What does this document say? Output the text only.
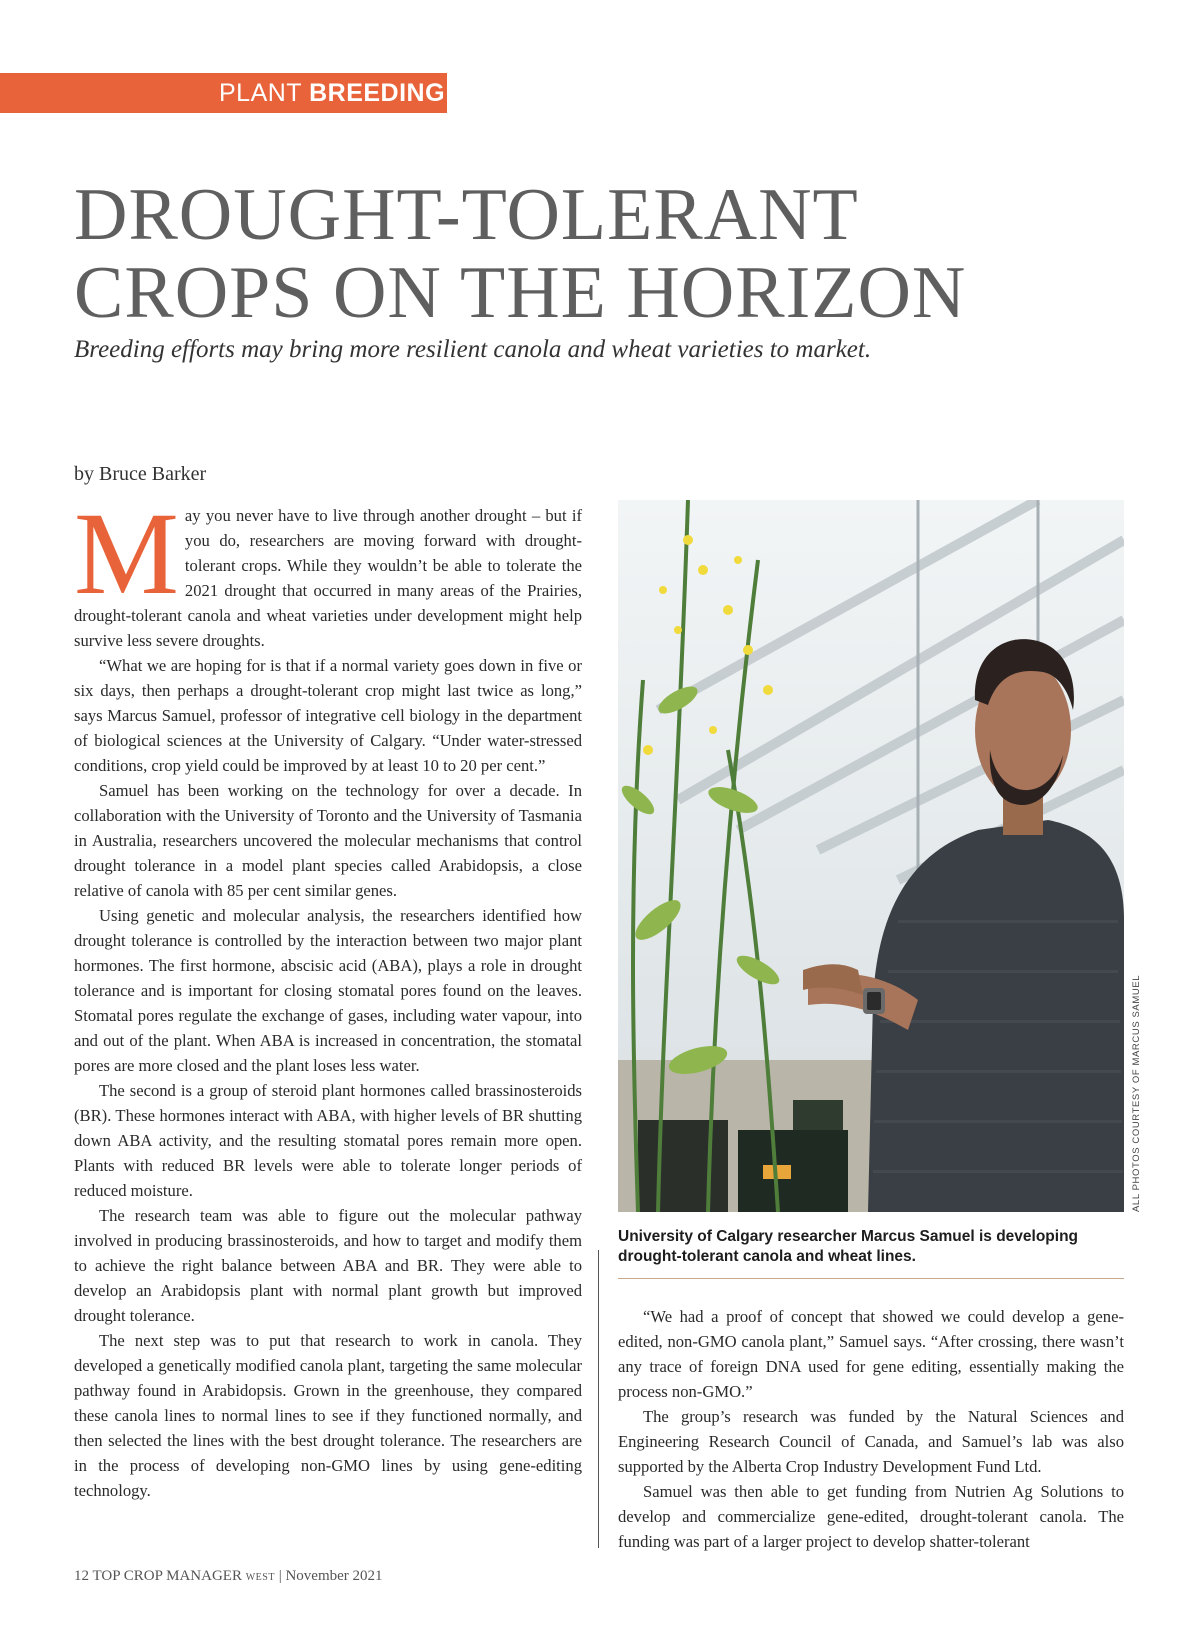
PLANT BREEDING
DROUGHT-TOLERANT
CROPS ON THE HORIZON
Breeding efforts may bring more resilient canola and wheat varieties to market.
by Bruce Barker
M ay you never have to live through another drought – but if you do, researchers are moving forward with drought-tolerant crops. While they wouldn’t be able to tolerate the 2021 drought that occurred in many areas of the Prairies, drought-tolerant canola and wheat varieties under development might help survive less severe droughts.

“What we are hoping for is that if a normal variety goes down in five or six days, then perhaps a drought-tolerant crop might last twice as long,” says Marcus Samuel, professor of integrative cell biology in the department of biological sciences at the University of Calgary. “Under water-stressed conditions, crop yield could be improved by at least 10 to 20 per cent.”

Samuel has been working on the technology for over a decade. In collaboration with the University of Toronto and the University of Tasmania in Australia, researchers uncovered the molecular mechanisms that control drought tolerance in a model plant species called Arabidopsis, a close relative of canola with 85 per cent similar genes.

Using genetic and molecular analysis, the researchers identified how drought tolerance is controlled by the interaction between two major plant hormones. The first hormone, abscisic acid (ABA), plays a role in drought tolerance and is important for closing stomatal pores found on the leaves. Stomatal pores regulate the exchange of gases, including water vapour, into and out of the plant. When ABA is increased in concentration, the stomatal pores are more closed and the plant loses less water.

The second is a group of steroid plant hormones called brassinosteroids (BR). These hormones interact with ABA, with higher levels of BR shutting down ABA activity, and the resulting stomatal pores remain more open. Plants with reduced BR levels were able to tolerate longer periods of reduced moisture.

The research team was able to figure out the molecular pathway involved in producing brassinosteroids, and how to target and modify them to achieve the right balance between ABA and BR. They were able to develop an Arabidopsis plant with normal plant growth but improved drought tolerance.

The next step was to put that research to work in canola. They developed a genetically modified canola plant, targeting the same molecular pathway found in Arabidopsis. Grown in the greenhouse, they compared these canola lines to normal lines to see if they functioned normally, and then selected the lines with the best drought tolerance. The researchers are in the process of developing non-GMO lines by using gene-editing technology.

ALL PHOTOS COURTESY OF MARCUS SAMUEL
University of Calgary researcher Marcus Samuel is developing drought-tolerant canola and wheat lines.

“We had a proof of concept that showed we could develop a gene-edited, non-GMO canola plant,” Samuel says. “After crossing, there wasn’t any trace of foreign DNA used for gene editing, essentially making the process non-GMO.”

The group’s research was funded by the Natural Sciences and Engineering Research Council of Canada, and Samuel’s lab was also supported by the Alberta Crop Industry Development Fund Ltd.

Samuel was then able to get funding from Nutrien Ag Solutions to develop and commercialize gene-edited, drought-tolerant canola. The funding was part of a larger project to develop shatter-tolerant

12 TOP CROP MANAGER WEST | November 2021
